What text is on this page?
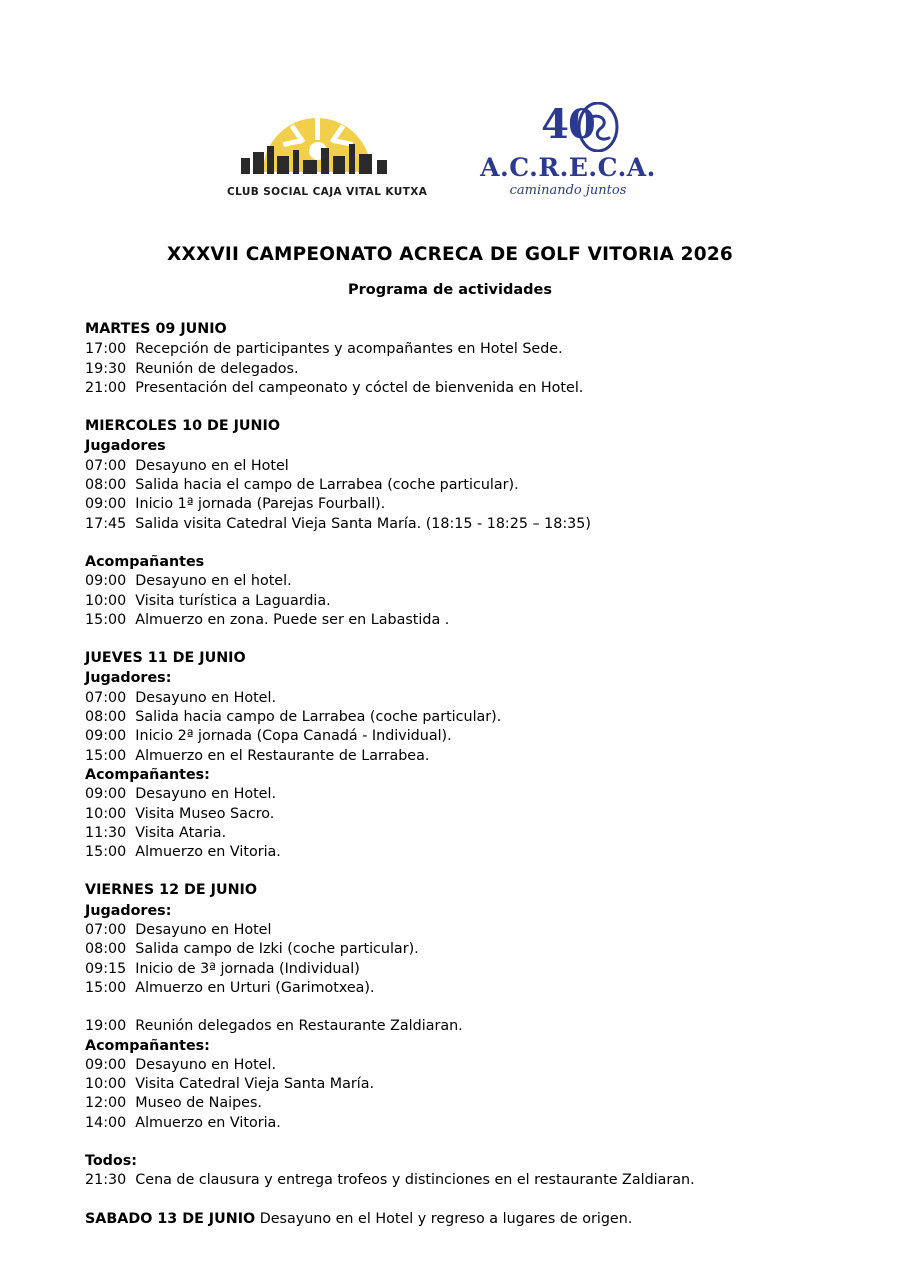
CLUB SOCIAL CAJA VITAL KUTXA
40
A.C.R.E.C.A.
caminando juntos
XXXVII CAMPEONATO ACRECA DE GOLF VITORIA 2026
Programa de actividades
MARTES 09 JUNIO
17:00  Recepción de participantes y acompañantes en Hotel Sede.
19:30  Reunión de delegados.
21:00  Presentación del campeonato y cóctel de bienvenida en Hotel.
MIERCOLES 10 DE JUNIO
Jugadores
07:00  Desayuno en el Hotel
08:00  Salida hacia el campo de Larrabea (coche particular).
09:00  Inicio 1ª jornada (Parejas Fourball).
17:45  Salida visita Catedral Vieja Santa María. (18:15 - 18:25 – 18:35)
Acompañantes
09:00  Desayuno en el hotel.
10:00  Visita turística a Laguardia.
15:00  Almuerzo en zona. Puede ser en Labastida .
JUEVES 11 DE JUNIO
Jugadores:
07:00  Desayuno en Hotel.
08:00  Salida hacia campo de Larrabea (coche particular).
09:00  Inicio 2ª jornada (Copa Canadá - Individual).
15:00  Almuerzo en el Restaurante de Larrabea.
Acompañantes:
09:00  Desayuno en Hotel.
10:00  Visita Museo Sacro.
11:30  Visita Ataria.
15:00  Almuerzo en Vitoria.
VIERNES 12 DE JUNIO
Jugadores:
07:00  Desayuno en Hotel
08:00  Salida campo de Izki (coche particular).
09:15  Inicio de 3ª jornada (Individual)
15:00  Almuerzo en Urturi (Garimotxea).
19:00  Reunión delegados en Restaurante Zaldiaran.
Acompañantes:
09:00  Desayuno en Hotel.
10:00  Visita Catedral Vieja Santa María.
12:00  Museo de Naipes.
14:00  Almuerzo en Vitoria.
Todos:
21:30  Cena de clausura y entrega trofeos y distinciones en el restaurante Zaldiaran.
SABADO 13 DE JUNIO Desayuno en el Hotel y regreso a lugares de origen.
